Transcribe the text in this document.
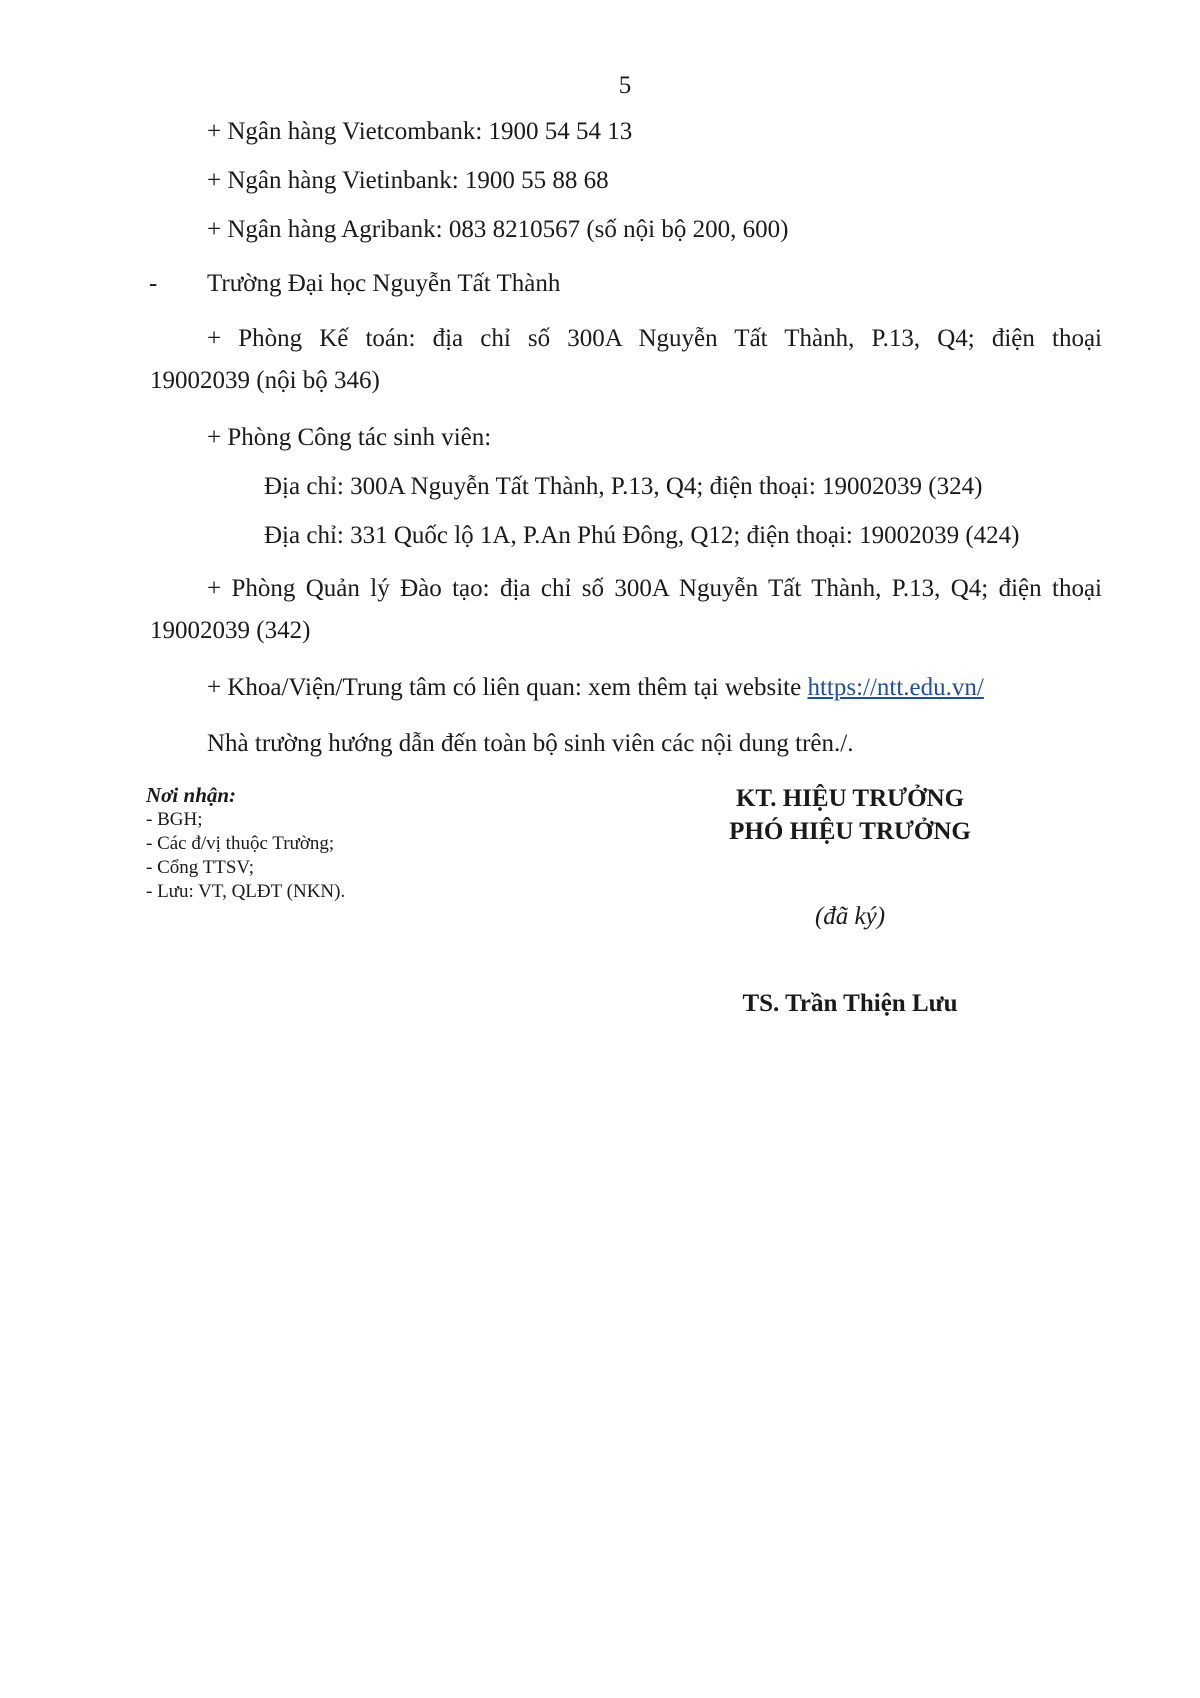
5
+ Ngân hàng Vietcombank: 1900 54 54 13
+ Ngân hàng Vietinbank: 1900 55 88 68
+ Ngân hàng Agribank: 083 8210567 (số nội bộ 200, 600)
- Trường Đại học Nguyễn Tất Thành
+ Phòng Kế toán: địa chỉ số 300A Nguyễn Tất Thành, P.13, Q4; điện thoại
19002039 (nội bộ 346)
+ Phòng Công tác sinh viên:
Địa chỉ: 300A Nguyễn Tất Thành, P.13, Q4; điện thoại: 19002039 (324)
Địa chỉ: 331 Quốc lộ 1A, P.An Phú Đông, Q12; điện thoại: 19002039 (424)
+ Phòng Quản lý Đào tạo: địa chỉ số 300A Nguyễn Tất Thành, P.13, Q4; điện thoại
19002039 (342)
+ Khoa/Viện/Trung tâm có liên quan: xem thêm tại website https://ntt.edu.vn/
Nhà trường hướng dẫn đến toàn bộ sinh viên các nội dung trên./.
Nơi nhận:
- BGH;
- Các đ/vị thuộc Trường;
- Cổng TTSV;
- Lưu: VT, QLĐT (NKN).
KT. HIỆU TRƯỞNG
PHÓ HIỆU TRƯỞNG
(đã ký)
TS. Trần Thiện Lưu
